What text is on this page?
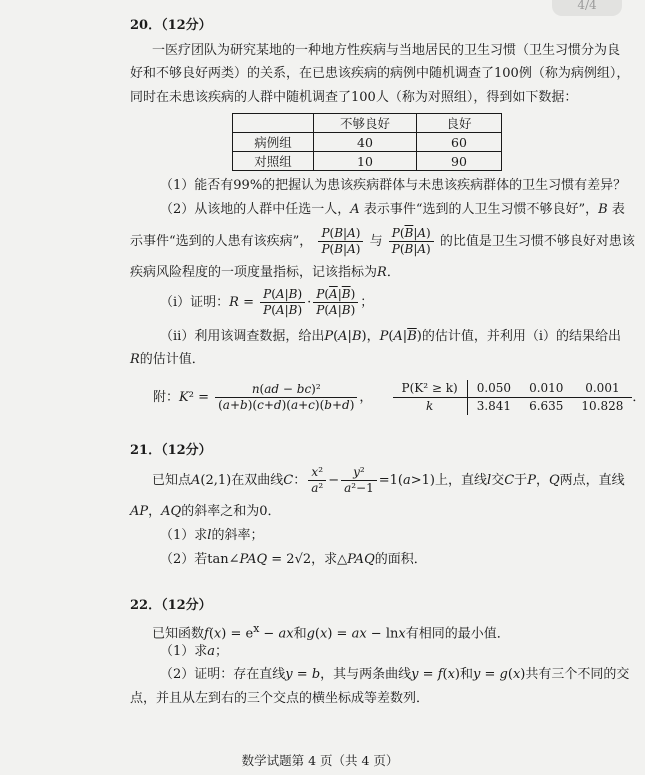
4/4
20．（12分）
一医疗团队为研究某地的一种地方性疾病与当地居民的卫生习惯（卫生习惯分为良
好和不够良好两类）的关系，在已患该疾病的病例中随机调查了100例（称为病例组），
同时在未患该疾病的人群中随机调查了100人（称为对照组），得到如下数据：
	不够良好	良好
病例组	40	60
对照组	10	90
（1）能否有99%的把握认为患该疾病群体与未患该疾病群体的卫生习惯有差异？
（2）从该地的人群中任选一人，A 表示事件“选到的人卫生习惯不够良好”，B 表
示事件“选到的人患有该疾病”， $\frac{P(B|A)}{P(B|\overline{A})}$ 与 $\frac{P(\overline{B}|A)}{P(\overline{B}|\overline{A})}$ 的比值是卫生习惯不够良好对患该
疾病风险程度的一项度量指标，记该指标为R．
（i）证明：$R = \frac{P(A|B)}{P(\overline{A}|B)} \cdot \frac{P(\overline{A}|\overline{B})}{P(A|\overline{B})}$ ；
（ii）利用该调查数据，给出P(A|B)，$P(A|\overline{B})$的估计值，并利用（i）的结果给出
R的估计值．
附：$K^2 = \frac{\text{n(ad − bc)²}}{(a+b)(c+d)(a+c)(b+d)}$ ，
P(K² ≥ k)	0.050	0.010	0.001
k	3.841	6.635	10.828
．
21．（12分）
已知点A(2,1)在双曲线C： $\frac{\text{x²}}{\text{a²}} - \frac{\text{y²}}{\text{a²−1}} =1(a>1)$上，直线l交C于P，Q两点，直线
AP，AQ的斜率之和为0．
（1）求l的斜率；
（2）若tan∠PAQ = 2√2，求△PAQ的面积．
22．（12分）
已知函数$f(x) = e^x$ − ax和g(x) = ax − lnx有相同的最小值．
（1）求a；
（2）证明：存在直线y = b，其与两条曲线y = f(x)和y = g(x)共有三个不同的交
点，并且从左到右的三个交点的横坐标成等差数列．
数学试题第 4 页（共 4 页）
